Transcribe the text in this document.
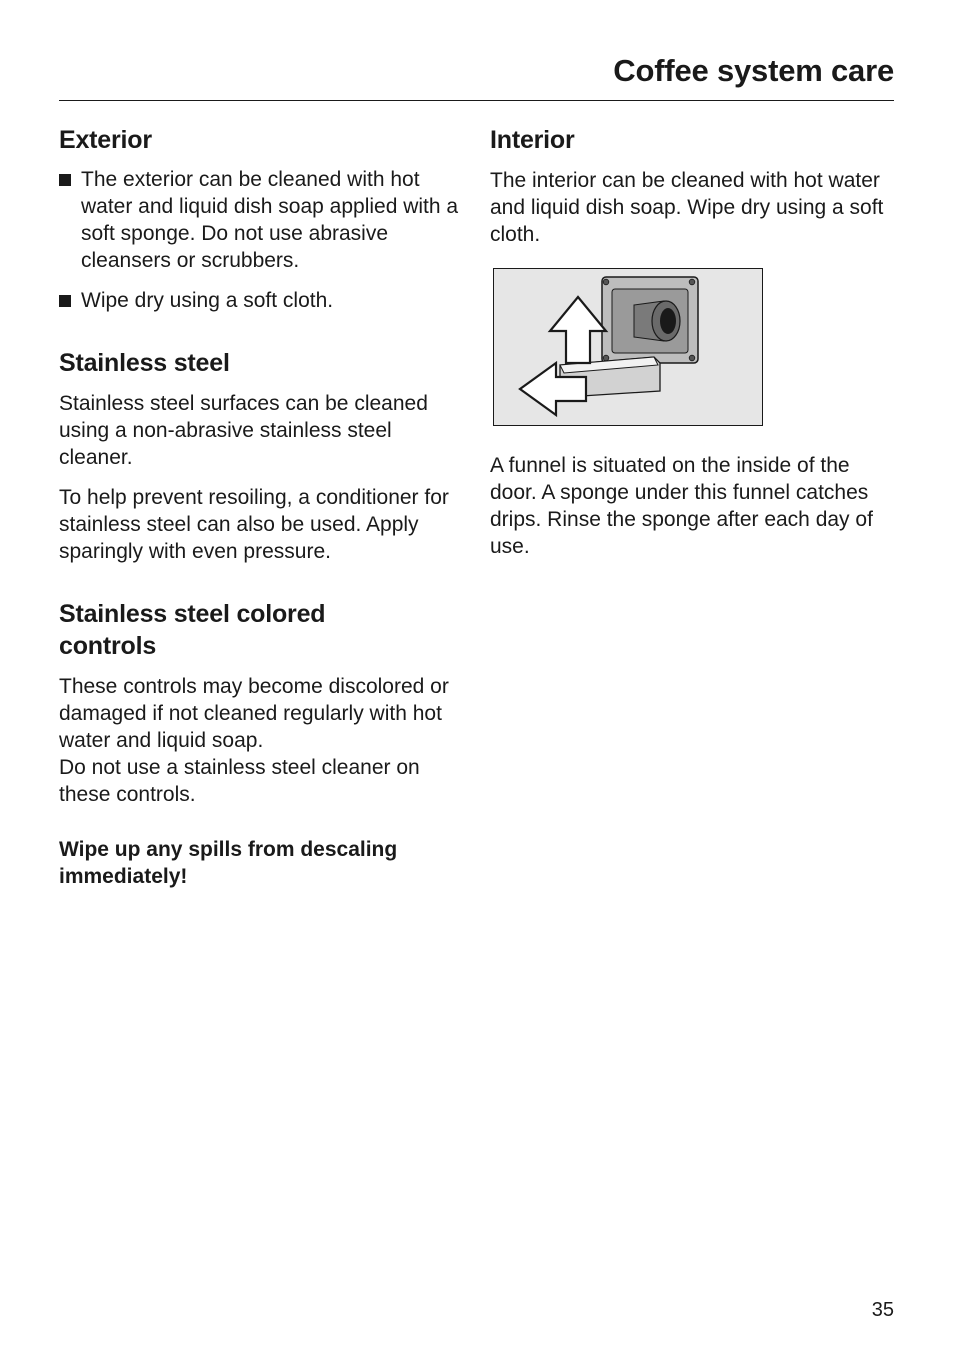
Coffee system care
Exterior
The exterior can be cleaned with hot water and liquid dish soap applied with a soft sponge. Do not use abrasive cleansers or scrubbers.
Wipe dry using a soft cloth.
Stainless steel

Stainless steel surfaces can be cleaned using a non-abrasive stainless steel cleaner.

To help prevent resoiling, a conditioner for stainless steel can also be used. Apply sparingly with even pressure.

Stainless steel colored
controls

These controls may become discolored or damaged if not cleaned regularly with hot water and liquid soap.
Do not use a stainless steel cleaner on these controls.

Wipe up any spills from descaling immediately!

Interior

The interior can be cleaned with hot water and liquid dish soap. Wipe dry using a soft cloth.

A funnel is situated on the inside of the door. A sponge under this funnel catches drips. Rinse the sponge after each day of use.

35
